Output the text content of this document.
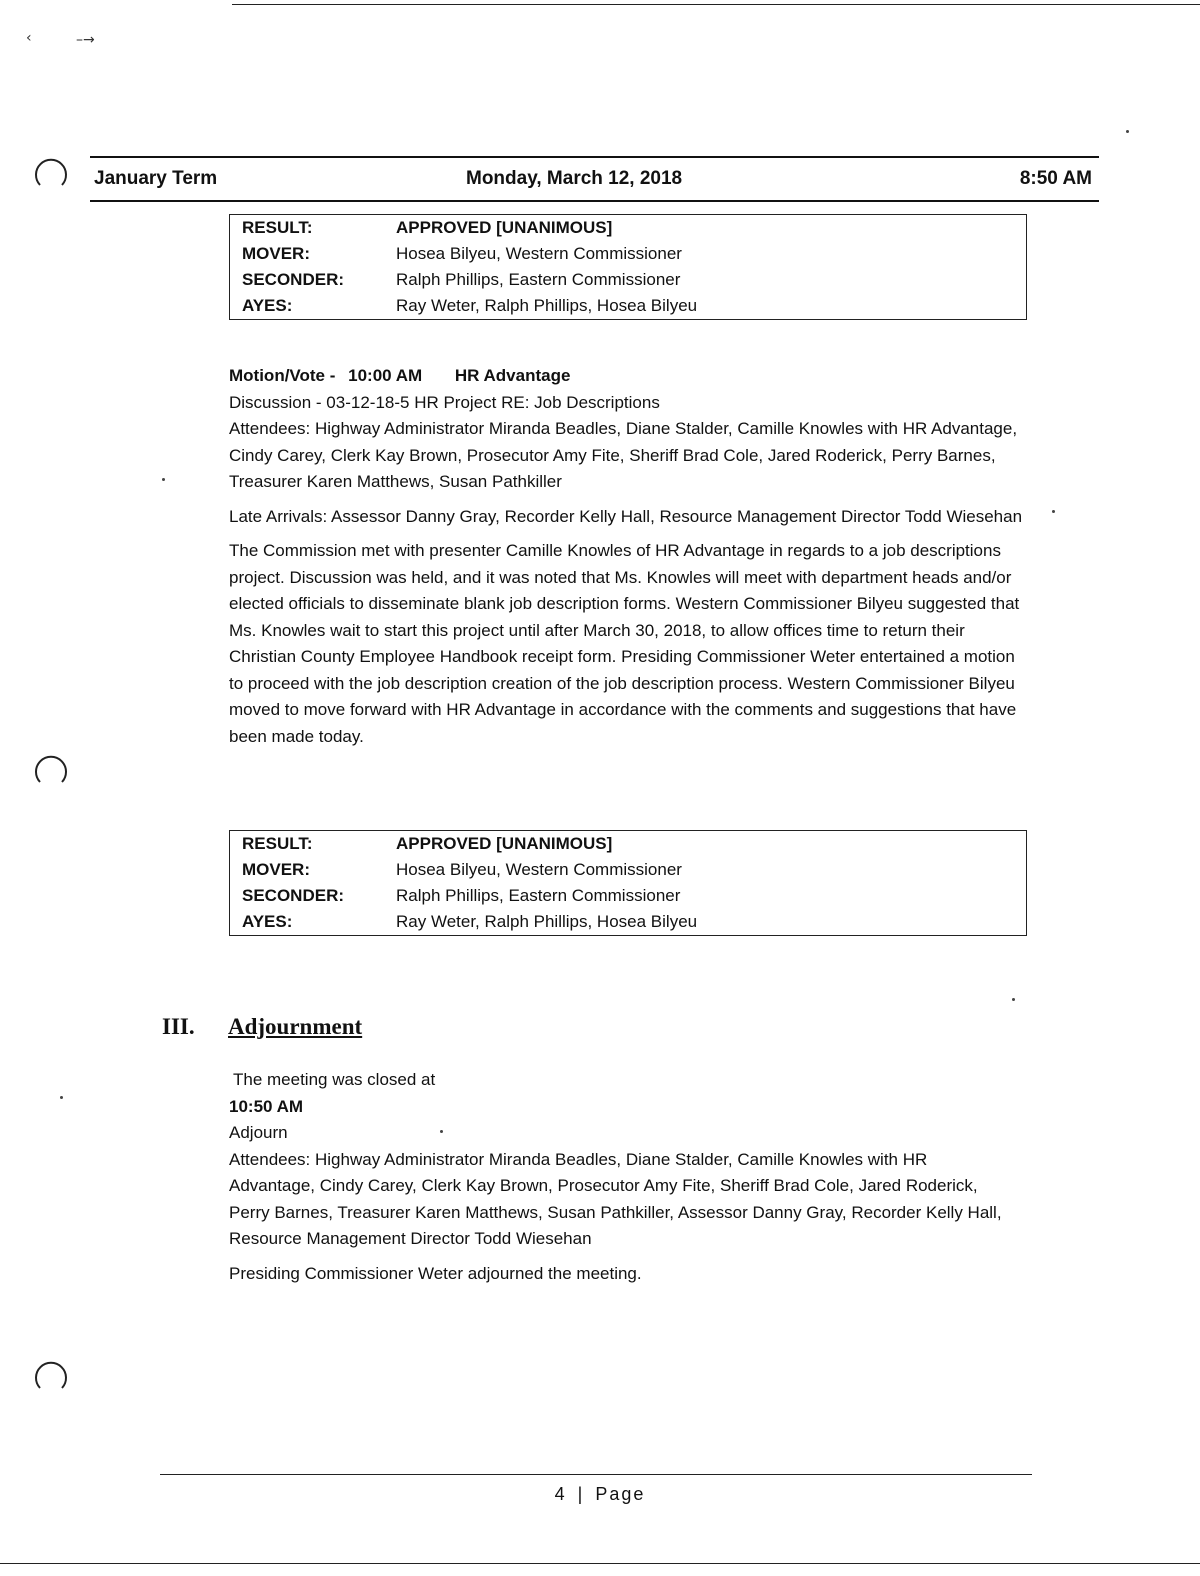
‹	–→
January Term	Monday, March 12, 2018	8:50 AM
RESULT:	APPROVED [UNANIMOUS]
MOVER:	Hosea Bilyeu, Western Commissioner
SECONDER:	Ralph Phillips, Eastern Commissioner
AYES:	Ray Weter, Ralph Phillips, Hosea Bilyeu
Motion/Vote - 10:00 AM HR Advantage

Discussion - 03-12-18-5 HR Project RE: Job Descriptions

Attendees: Highway Administrator Miranda Beadles, Diane Stalder, Camille Knowles with HR Advantage, Cindy Carey, Clerk Kay Brown, Prosecutor Amy Fite, Sheriff Brad Cole, Jared Roderick, Perry Barnes, Treasurer Karen Matthews, Susan Pathkiller

Late Arrivals: Assessor Danny Gray, Recorder Kelly Hall, Resource Management Director Todd Wiesehan

The Commission met with presenter Camille Knowles of HR Advantage in regards to a job descriptions project. Discussion was held, and it was noted that Ms. Knowles will meet with department heads and/or elected officials to disseminate blank job description forms. Western Commissioner Bilyeu suggested that Ms. Knowles wait to start this project until after March 30, 2018, to allow offices time to return their Christian County Employee Handbook receipt form. Presiding Commissioner Weter entertained a motion to proceed with the job description creation of the job description process. Western Commissioner Bilyeu moved to move forward with HR Advantage in accordance with the comments and suggestions that have been made today.

RESULT:	APPROVED [UNANIMOUS]
MOVER:	Hosea Bilyeu, Western Commissioner
SECONDER:	Ralph Phillips, Eastern Commissioner
AYES:	Ray Weter, Ralph Phillips, Hosea Bilyeu
III. Adjournment

The meeting was closed at

10:50 AM

Adjourn

Attendees: Highway Administrator Miranda Beadles, Diane Stalder, Camille Knowles with HR Advantage, Cindy Carey, Clerk Kay Brown, Prosecutor Amy Fite, Sheriff Brad Cole, Jared Roderick, Perry Barnes, Treasurer Karen Matthews, Susan Pathkiller, Assessor Danny Gray, Recorder Kelly Hall, Resource Management Director Todd Wiesehan

Presiding Commissioner Weter adjourned the meeting.

4 | Page
